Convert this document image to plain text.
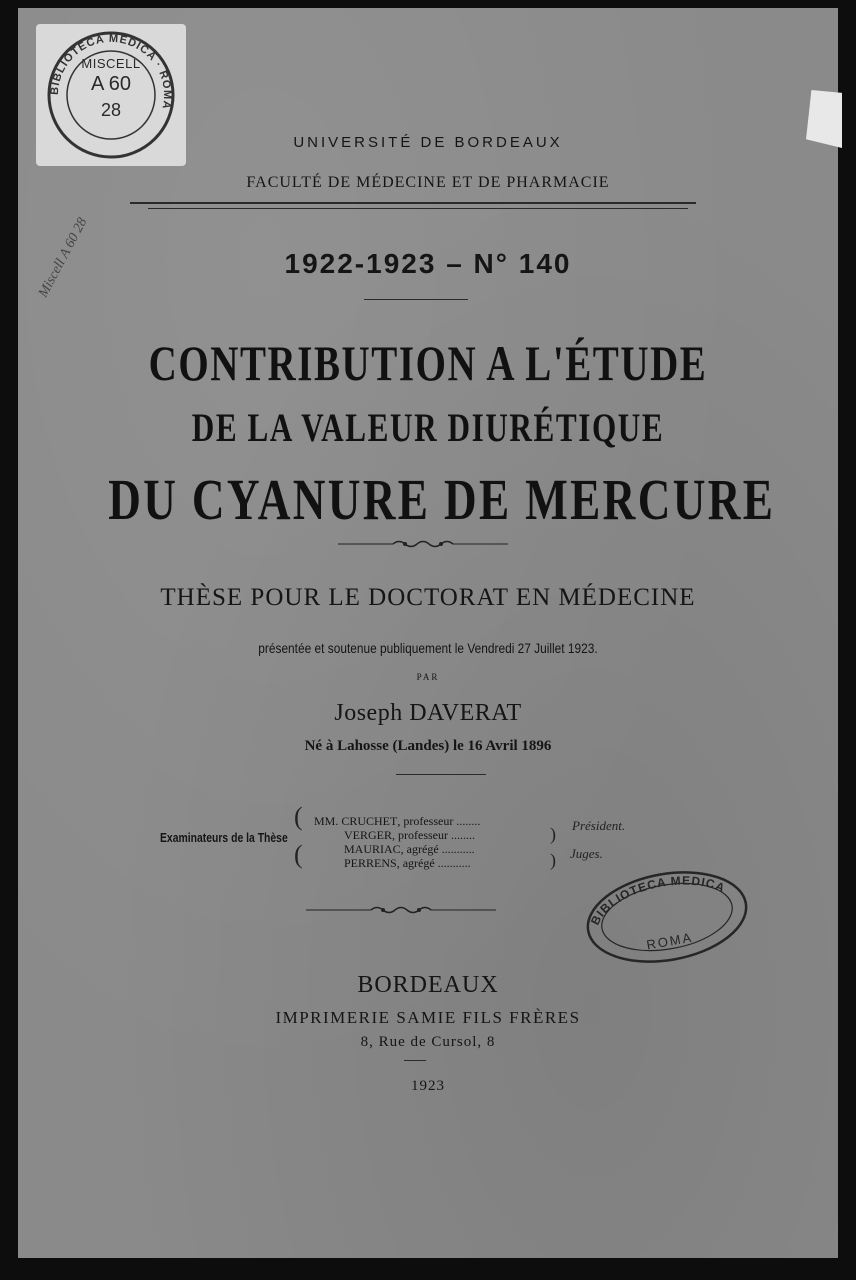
BIBLIOTECA MEDICA · ROMA
MISCELL
A 60
28
Miscell A 60 28
UNIVERSITÉ DE BORDEAUX
FACULTÉ DE MÉDECINE ET DE PHARMACIE
1922-1923 – N° 140
CONTRIBUTION A L'ÉTUDE
DE LA VALEUR DIURÉTIQUE
DU CYANURE DE MERCURE
THÈSE POUR LE DOCTORAT EN MÉDECINE
présentée et soutenue publiquement le Vendredi 27 Juillet 1923.
PAR
Joseph DAVERAT
Né à Lahosse (Landes) le 16 Avril 1896
Examinateurs de la Thèse
(
(
MM. CRUCHET, professeur ........
VERGER, professeur ........
MAURIAC, agrégé ...........
PERRENS, agrégé ...........
)
)
Président.
Juges.
BIBLIOTECA MEDICA
ROMA
BORDEAUX
IMPRIMERIE SAMIE FILS FRÈRES
8, Rue de Cursol, 8
1923
